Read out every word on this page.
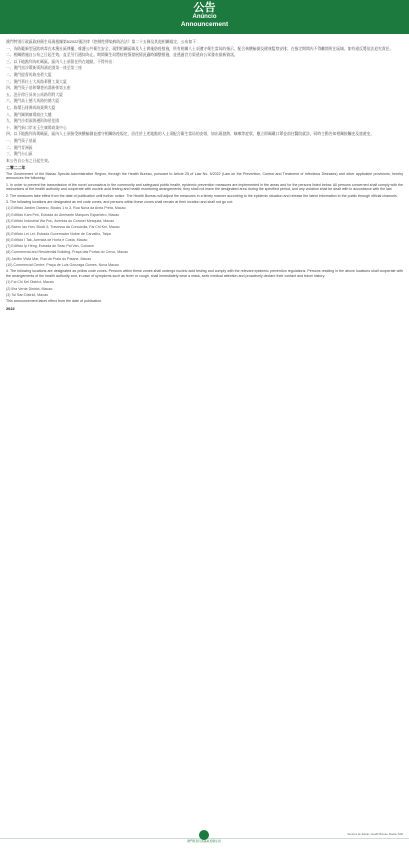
公告
Anúncio
Announcement

澳門特別行政區政府衛生局現根據第5/2022號法律《控制性傳染病防治法》第二十五條及其他相關規定，公布如下：

一、為防範新型冠狀病毒在本澳社區傳播，維護公共衛生安全，現對相關區域及人士實施防疫措施，所有相關人士須遵守衛生當局的指示，配合核酸檢測及健康監察安排；在指定期間內不得離開所在區域，如有違反將依法追究責任。

二、相關措施自公布之日起生效，直至另行通知為止。期間衛生局將按疫情發展情況適時調整措施，並透過官方渠道向公眾發布最新資訊。

三、以下地點列為紅碼區，區內人士須留在所在地點，不得外出：

一、澳門黑沙環新街海濱花園第一座至第三座

二、澳門提督馬路金碧大廈

三、澳門慕拉士大馬路華寶工業大廈

四、澳門筷子基和樂巷祐漢新邨第五座

五、氹仔徐日昇寅公馬路利利大廈

六、澳門高士德大馬路怡德大廈

七、路環石排灣馬路業興大廈

八、澳門關閘廣場商住大樓

九、澳門沙梨頭海邊街海景花園

十、澳門新口岸宋玉生廣場商業中心

四、以下地點列為黃碼區，區內人士須接受核酸檢測並遵守相關防疫規定，居住於上述地點的人士須配合衛生當局的安排，如出現發熱、咳嗽等症狀，應立即佩戴口罩並前往醫院就診，同時主動告知相關接觸史及旅遊史。

一、澳門筷子基區

二、澳門青洲區

三、澳門台山區

本公告自公布之日起生效。

二零二二年

The Government of the Macao Special Administrative Region, through the Health Bureau, pursuant to Article 25 of Law No. 5/2022 (Law on the Prevention, Control and Treatment of Infectious Diseases) and other applicable provisions, hereby announces the following:

1. In order to prevent the transmission of the novel coronavirus in the community and safeguard public health, epidemic prevention measures are implemented in the areas and for the persons listed below. All persons concerned shall comply with the instructions of the health authority and cooperate with nucleic acid testing and health monitoring arrangements; they shall not leave the designated area during the specified period, and any violation shall be dealt with in accordance with the law.

2. The measures take effect from the date of publication until further notice. The Health Bureau will adjust the measures in a timely manner according to the epidemic situation and release the latest information to the public through official channels.

3. The following locations are designated as red code zones, and persons within these zones shall remain at their location and shall not go out:

(1) Edifício Jardim Oceano, Blocks 1 to 3, Rua Nova da Areia Preta, Macao

(2) Edifício Kam Pek, Estrada do Almirante Marques Esparteiro, Macao

(3) Edifício Industrial Wa Pou, Avenida do Coronel Mesquita, Macao

(4) Bairro Iao Hon, Block 5, Travessa da Concórdia, Fai Chi Kei, Macao

(5) Edifício Lei Lei, Estrada Governador Nobre de Carvalho, Taipa

(6) Edifício I Tak, Avenida de Horta e Costa, Macao

(7) Edifício Ip Heng, Estrada de Seac Pai Van, Coloane

(8) Commercial and Residential Building, Praça das Portas do Cerco, Macao

(9) Jardim Vista Mar, Rua da Praia do Patane, Macao

(10) Commercial Centre, Praça de Luís Gonzaga Gomes, Nova Macao

4. The following locations are designated as yellow code zones. Persons within these zones shall undergo nucleic acid testing and comply with the relevant epidemic prevention regulations. Persons residing in the above locations shall cooperate with the arrangements of the health authority and, in case of symptoms such as fever or cough, shall immediately wear a mask, seek medical attention and proactively declare their contact and travel history.

(1) Fai Chi Kei District, Macao

(2) Ilha Verde District, Macao

(3) Toi San District, Macao

This announcement takes effect from the date of publication.

2022

澳門特別行政區政府衛生局
Serviços de Saúde / Health Bureau, Macao SAR
